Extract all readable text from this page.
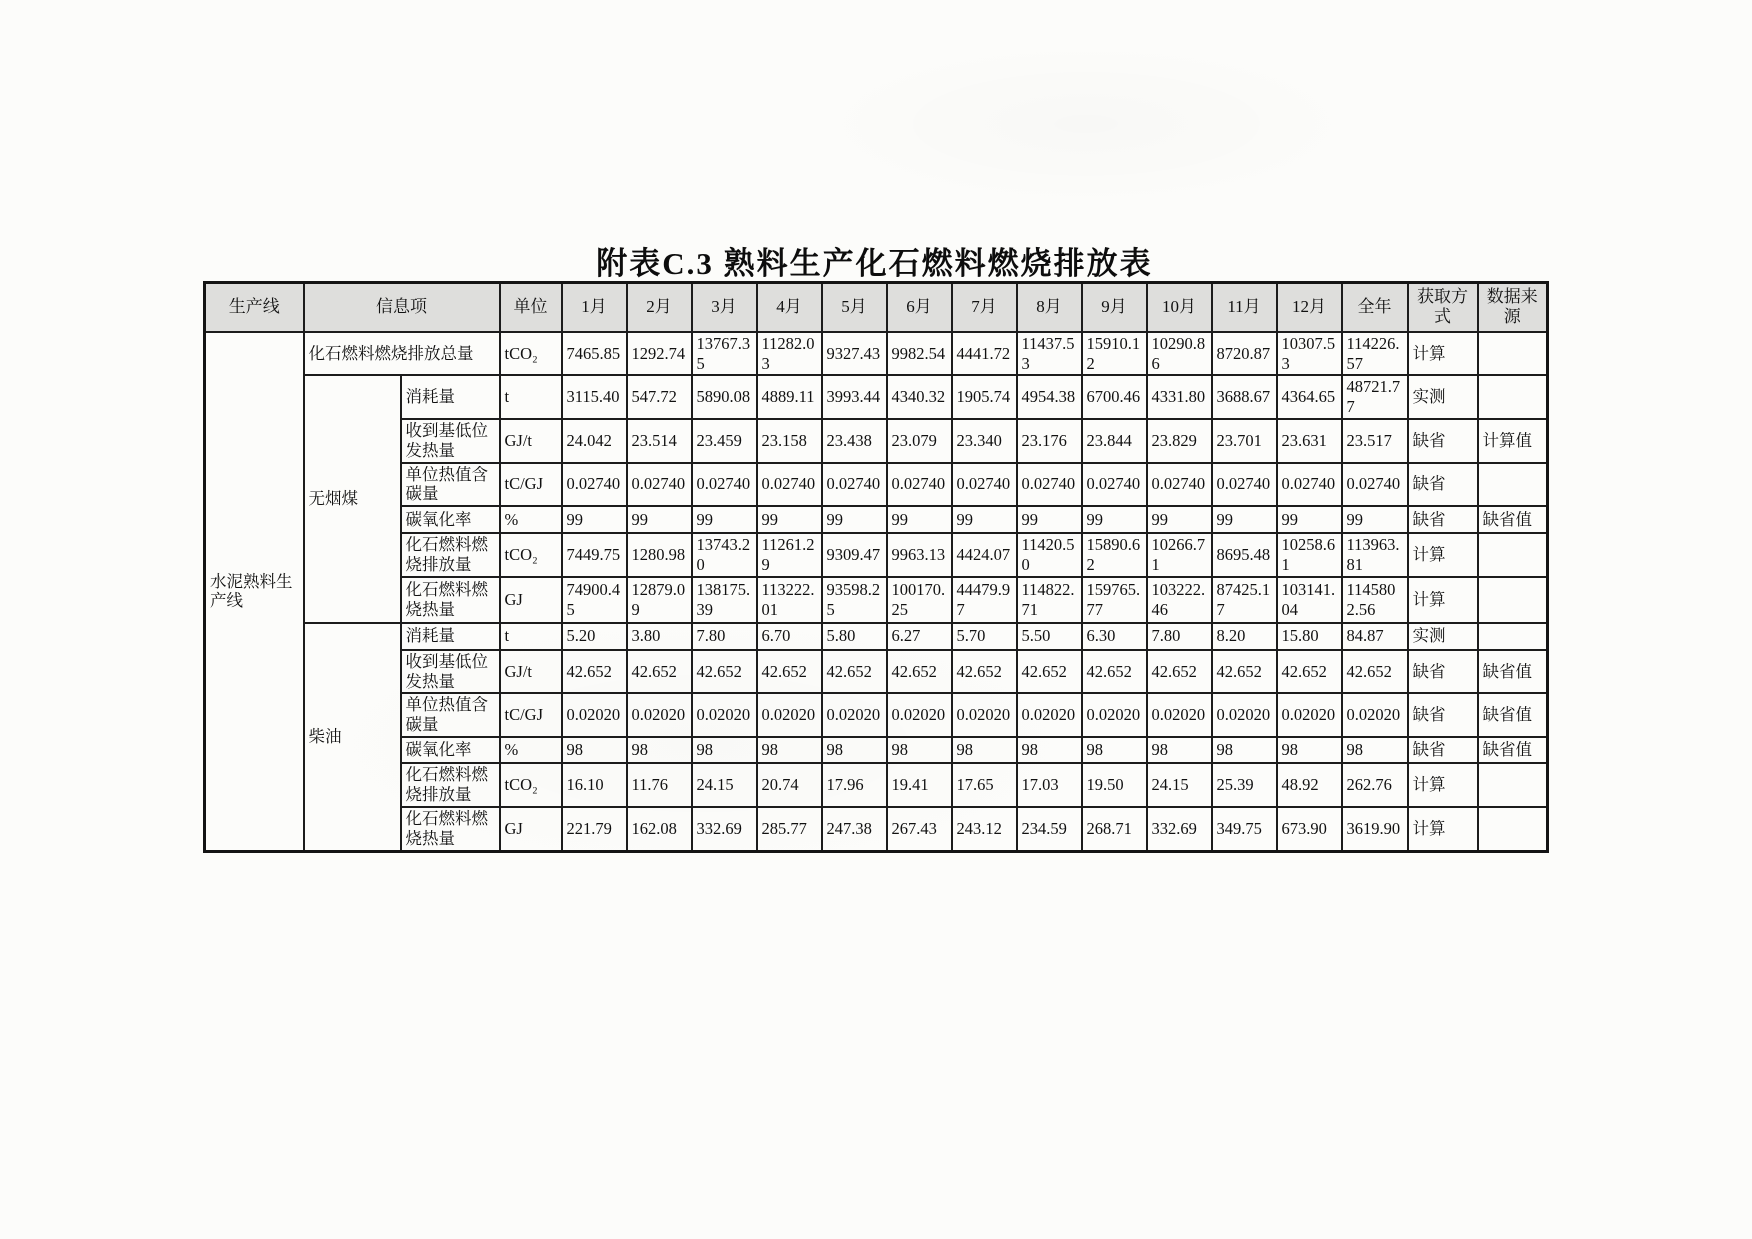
附表C.3 熟料生产化石燃料燃烧排放表
生产线	信息项		单位	1月	2月	3月	4月	5月	6月	7月	8月	9月	10月	11月	12月	全年	获取方式	数据来源
水泥熟料生产线	化石燃料燃烧排放总量		tCO₂	7465.85	1292.74	13767.35	11282.03	9327.43	9982.54	4441.72	11437.53	15910.12	10290.86	8720.87	10307.53	114226.57	计算	
	无烟煤	消耗量	t	3115.40	547.72	5890.08	4889.11	3993.44	4340.32	1905.74	4954.38	6700.46	4331.80	3688.67	4364.65	48721.77	实测	
		收到基低位发热量	GJ/t	24.042	23.514	23.459	23.158	23.438	23.079	23.340	23.176	23.844	23.829	23.701	23.631	23.517	缺省	计算值
		单位热值含碳量	tC/GJ	0.02740	0.02740	0.02740	0.02740	0.02740	0.02740	0.02740	0.02740	0.02740	0.02740	0.02740	0.02740	0.02740	缺省	
		碳氧化率	%	99	99	99	99	99	99	99	99	99	99	99	99	99	缺省	缺省值
		化石燃料燃烧排放量	tCO₂	7449.75	1280.98	13743.20	11261.29	9309.47	9963.13	4424.07	11420.50	15890.62	10266.71	8695.48	10258.61	113963.81	计算	
		化石燃料燃烧热量	GJ	74900.45	12879.09	138175.39	113222.01	93598.25	100170.25	44479.97	114822.71	159765.77	103222.46	87425.17	103141.04	1145802.56	计算	
	柴油	消耗量	t	5.20	3.80	7.80	6.70	5.80	6.27	5.70	5.50	6.30	7.80	8.20	15.80	84.87	实测	
		收到基低位发热量	GJ/t	42.652	42.652	42.652	42.652	42.652	42.652	42.652	42.652	42.652	42.652	42.652	42.652	42.652	缺省	缺省值
		单位热值含碳量	tC/GJ	0.02020	0.02020	0.02020	0.02020	0.02020	0.02020	0.02020	0.02020	0.02020	0.02020	0.02020	0.02020	0.02020	缺省	缺省值
		碳氧化率	%	98	98	98	98	98	98	98	98	98	98	98	98	98	缺省	缺省值
		化石燃料燃烧排放量	tCO₂	16.10	11.76	24.15	20.74	17.96	19.41	17.65	17.03	19.50	24.15	25.39	48.92	262.76	计算	
		化石燃料燃烧热量	GJ	221.79	162.08	332.69	285.77	247.38	267.43	243.12	234.59	268.71	332.69	349.75	673.90	3619.90	计算	
